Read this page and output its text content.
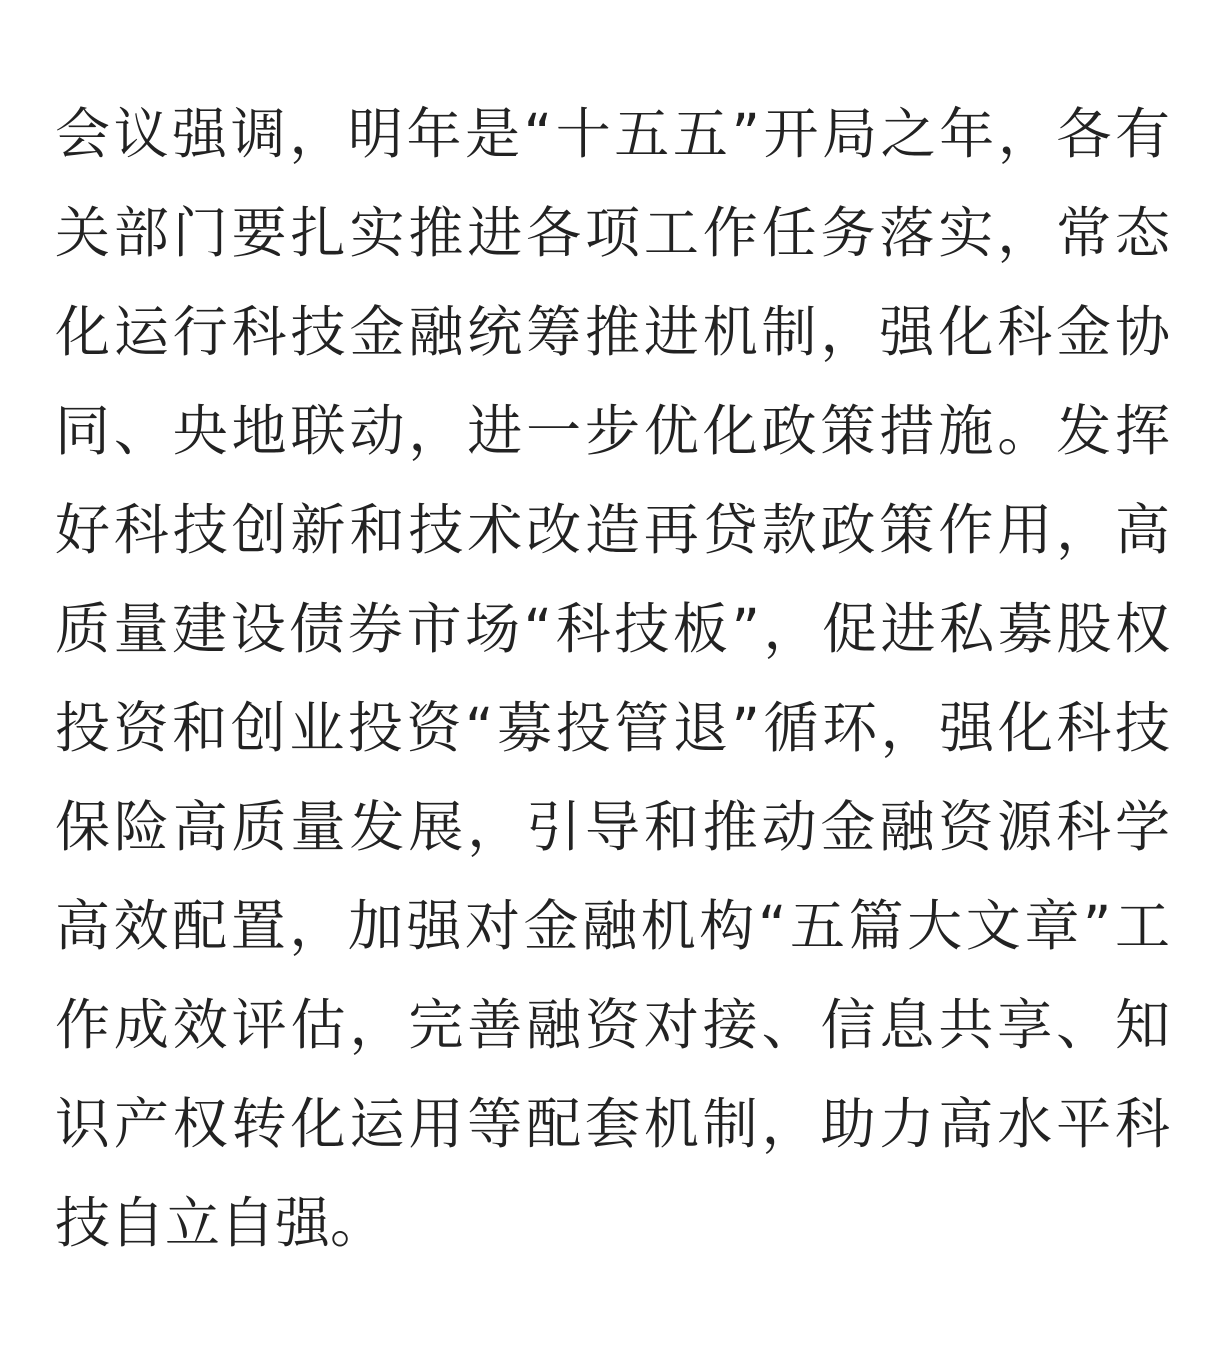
会议强调，明年是“十五五”开局之年，各有
关部门要扎实推进各项工作任务落实，常态
化运行科技金融统筹推进机制，强化科金协
同、央地联动，进一步优化政策措施。发挥
好科技创新和技术改造再贷款政策作用，高
质量建设债券市场“科技板”，促进私募股权
投资和创业投资“募投管退”循环，强化科技
保险高质量发展，引导和推动金融资源科学
高效配置，加强对金融机构“五篇大文章”工
作成效评估，完善融资对接、信息共享、知
识产权转化运用等配套机制，助力高水平科
技自立自强。
